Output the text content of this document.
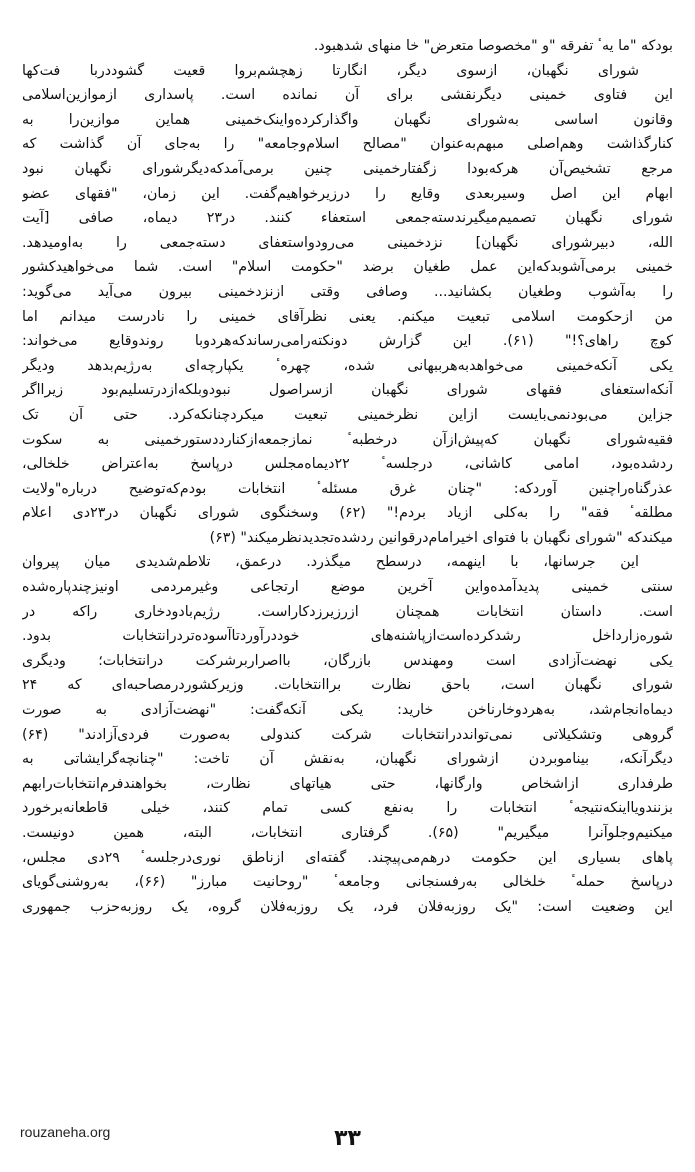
بودکه "ما یهٴ تفرقه "و "مخصوصا متعرض" خا منهای شدهبود.
شورای نگهبان، ازسوی دیگر، انگارتا زهچشم‌بروا قعیت گشوددربا فت‌کها
این فتاوی خمینی دیگرنقشی برای آن نمانده است. پاسداری ازموازین‌اسلامی
وقانون اساسی به‌شورای نگهبان واگذارکرده‌واینک‌خمینی هماین موازین‌را به
کنارگذاشت وهم‌اصلی مبهم‌به‌عنوان "مصالح اسلام‌وجامعه" را به‌جای آن گذاشت که
مرجع تشخیص‌آن هرکه‌بودا زگفتارخمینی چنین برمی‌آمدکه‌دیگرشورای نگهبان نبود
ابهام این اصل وسیربعدی وقایع را درزیرخواهیم‌گفت. این زمان، "فقهای عضو
شورای نگهبان تصمیم‌میگیرندسته‌جمعی استعفاء کنند. در۲۳ دیماه، صافی [آیت
الله، دبیرشورای نگهبان] نزدخمینی می‌رودواستعفای دسته‌جمعی را به‌اومیدهد.
خمینی برمی‌آشوبدکه‌این عمل طغیان برضد "حکومت اسلام" است. شما می‌خواهیدکشور
را به‌آشوب وطغیان بکشانید... وصافی وقتی ازنزدخمینی بیرون می‌آید می‌گوید:
من ازحکومت اسلامی تبعیت میکنم. یعنی نظرآقای خمینی را نادرست میدانم اما
کوچ راهای؟!" (۶۱). این گزارش دونکته‌رامی‌رساندکه‌هردوبا روندوقایع می‌خواند:
یکی آنکه‌خمینی می‌خواهدبه‌هرببهانی شده، چهرهٴ یکپارچه‌ای به‌رژیم‌بدهد ودیگر
آنکه‌استعفای فقهای شورای نگهبان ازسراصول نبودوبلکه‌ازدرتسلیم‌بود زیرااگر
جزاین می‌بودنمی‌بایست ازاین نظرخمینی تبعیت میکردچنانکه‌کرد. حتی آن تک
فقیه‌شورای نگهبان که‌پیش‌ازآن درخطبهٴ نمازجمعه‌ازکنارددستورخمینی به سکوت
ردشده‌بود، امامی کاشانی، درجلسهٴ ۲۲دیماه‌مجلس درپاسخ به‌اعتراض خلخالی،
عذرگناه‌راچنین آوردکه: "چنان غرق مسئلهٴ انتخابات بودم‌که‌توضیح درباره‌"ولایت
مطلقهٴ فقه" را به‌کلی ازیاد بردم!" (۶۲) وسخنگوی شورای نگهبان در۲۳دی اعلام
میکندکه "شورای نگهبان با فتوای اخیرامام‌درقوانین ردشده‌تجدیدنظرمیکند" (۶۳)
این جرسانها، با اینهمه، درسطح میگذرد. درعمق، تلاطم‌شدیدی میان پیروان
سنتی خمینی پدیدآمده‌واین آخرین موضع ارتجاعی وغیرمردمی اونیزچندپاره‌شده
است. داستان انتخابات همچنان ازرزیرزدکاراست. رژیم‌بادودخاری راکه در
شوره‌زارداخل رشدکرده‌است‌ازپاشنه‌های خوددرآوردتاآسوده‌تردرانتخابات بدود.
یکی نهضت‌آزادی است ومهندس بازرگان، بااصراربرشرکت درانتخابات؛ ودیگری
شورای نگهبان است، باحق نظارت براانتخابات. وزیرکشوردرمصاحبه‌ای که ۲۴
دیماه‌انجام‌شد، به‌هردوخارناخن خارید: یکی آنکه‌گفت: "نهضت‌آزادی به صورت
گروهی وتشکیلاتی نمی‌توانددرانتخابات شرکت کندولی به‌صورت فردی‌آزادند" (۶۴)
دیگرآنکه، بیناموبردن ازشورای نگهبان، به‌نقش آن تاخت: "چنانچه‌گرایشاتی به
طرفداری ازاشخاص وارگانها، حتی هیاتهای نظارت، بخواهندفرم‌انتخابات‌رابهم
بزنندویااینکه‌نتیجهٴ انتخابات را به‌نفع کسی تمام کنند، خیلی قاطعانه‌برخورد
میکنیم‌وجلوآنرا میگیریم" (۶۵). گرفتاری انتخابات، البته، همین دونیست.
پاهای بسیاری این حکومت درهم‌می‌پیچند. گفته‌ای ازناطق نوری‌درجلسهٴ ۲۹دی مجلس،
درپاسخ حملهٴ خلخالی به‌رفسنجانی وجامعهٴ "روحانیت مبارز" (۶۶)، به‌روشنی‌گویای
این وضعیت است: "یک روزبه‌فلان فرد، یک روزبه‌فلان گروه، یک روزبه‌حزب جمهوری
rouzaneha.org	۳۳
